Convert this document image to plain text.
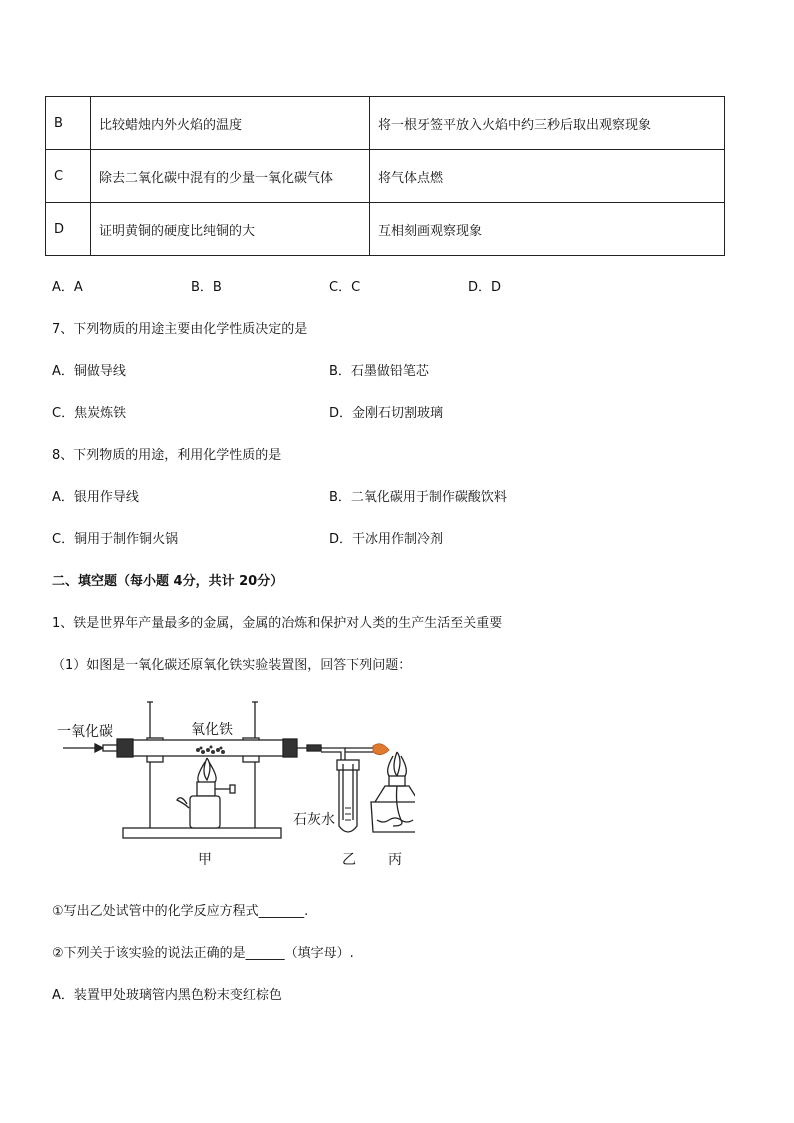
B	比较蜡烛内外火焰的温度	将一根牙签平放入火焰中约三秒后取出观察现象
C	除去二氧化碳中混有的少量一氧化碳气体	将气体点燃
D	证明黄铜的硬度比纯铜的大	互相刻画观察现象
A．A	B．B	C．C	D．D
7、下列物质的用途主要由化学性质决定的是
A．铜做导线	B．石墨做铅笔芯
C．焦炭炼铁	D．金刚石切割玻璃
8、下列物质的用途，利用化学性质的是
A．银用作导线	B．二氧化碳用于制作碳酸饮料
C．铜用于制作铜火锅	D．干冰用作制冷剂
二、填空题（每小题 4分，共计 20分）
1、铁是世界年产量最多的金属，金属的冶炼和保护对人类的生产生活至关重要
（1）如图是一氧化碳还原氧化铁实验装置图，回答下列问题：
一氧化碳	氧化铁
石灰水
甲	乙 丙
①写出乙处试管中的化学反应方程式_______.
②下列关于该实验的说法正确的是______（填字母）.
A．装置甲处玻璃管内黑色粉末变红棕色
